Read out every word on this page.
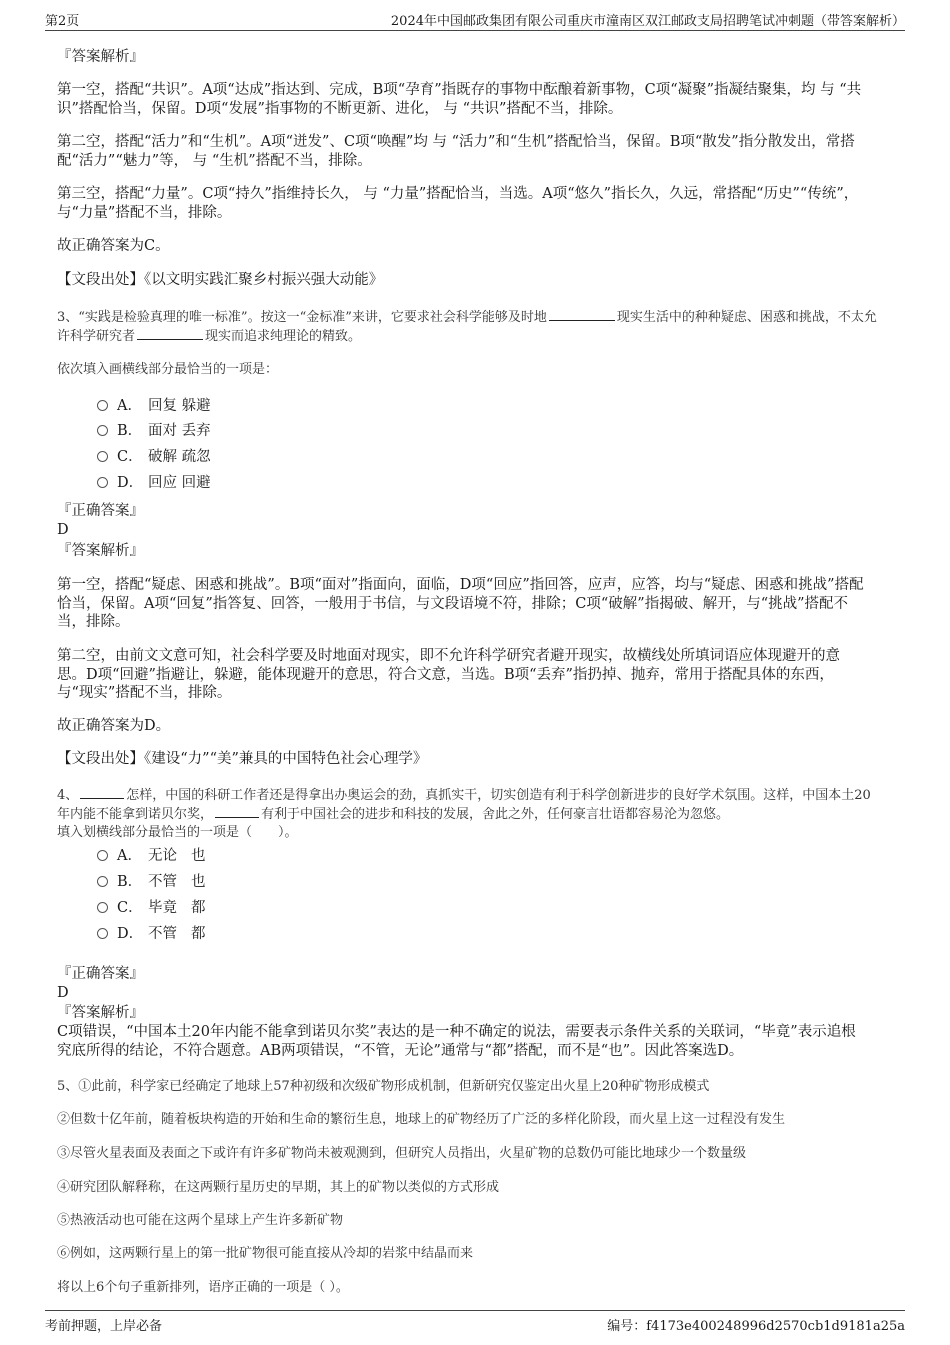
第2页	2024年中国邮政集团有限公司重庆市潼南区双江邮政支局招聘笔试冲刺题（带答案解析）

『答案解析』

第一空，搭配“共识”。A项“达成”指达到、完成，B项“孕育”指既存的事物中酝酿着新事物，C项“凝聚”指凝结聚集，均 与 “共

识”搭配恰当，保留。D项“发展”指事物的不断更新、进化， 与 “共识”搭配不当，排除。

第二空，搭配“活力”和“生机”。A项“迸发”、C项“唤醒”均 与 “活力”和“生机”搭配恰当，保留。B项“散发”指分散发出，常搭

配“活力”“魅力”等， 与 “生机”搭配不当，排除。

第三空，搭配“力量”。C项“持久”指维持长久， 与 “力量”搭配恰当，当选。A项“悠久”指长久，久远，常搭配“历史”“传统”，

与“力量”搭配不当，排除。

故正确答案为C。

【文段出处】《以文明实践汇聚乡村振兴强大动能》

3、“实践是检验真理的唯一标准”。按这一“金标准”来讲，它要求社会科学能够及时地	现实生活中的种种疑虑、困惑和挑战，不太允

许科学研究者	现实而追求纯理论的精致。

依次填入画横线部分最恰当的一项是：

A． 回复 躲避
B． 面对 丢弃
C． 破解 疏忽
D． 回应 回避

『正确答案』

D

『答案解析』

第一空，搭配“疑虑、困惑和挑战”。B项“面对”指面向，面临，D项“回应”指回答，应声，应答，均与“疑虑、困惑和挑战”搭配

恰当，保留。A项“回复”指答复、回答，一般用于书信，与文段语境不符，排除；C项“破解”指揭破、解开，与“挑战”搭配不

当，排除。

第二空，由前文文意可知，社会科学要及时地面对现实，即不允许科学研究者避开现实，故横线处所填词语应体现避开的意

思。D项“回避”指避让，躲避，能体现避开的意思，符合文意，当选。B项“丢弃”指扔掉、抛弃，常用于搭配具体的东西，

与“现实”搭配不当，排除。

故正确答案为D。

【文段出处】《建设“力”“美”兼具的中国特色社会心理学》

4、	怎样，中国的科研工作者还是得拿出办奥运会的劲，真抓实干，切实创造有利于科学创新进步的良好学术氛围。这样，中国本土20

年内能不能拿到诺贝尔奖，	有利于中国社会的进步和科技的发展，舍此之外，任何豪言壮语都容易沦为忽悠。

填入划横线部分最恰当的一项是（　　）。

A． 无论 也
B． 不管 也
C． 毕竟 都
D． 不管 都

『正确答案』

D

『答案解析』

C项错误，“中国本土20年内能不能拿到诺贝尔奖”表达的是一种不确定的说法，需要表示条件关系的关联词，“毕竟”表示追根

究底所得的结论，不符合题意。AB两项错误，“不管，无论”通常与“都”搭配，而不是“也”。因此答案选D。

5、①此前，科学家已经确定了地球上57种初级和次级矿物形成机制，但新研究仅鉴定出火星上20种矿物形成模式

②但数十亿年前，随着板块构造的开始和生命的繁衍生息，地球上的矿物经历了广泛的多样化阶段，而火星上这一过程没有发生

③尽管火星表面及表面之下或许有许多矿物尚未被观测到，但研究人员指出，火星矿物的总数仍可能比地球少一个数量级

④研究团队解释称，在这两颗行星历史的早期，其上的矿物以类似的方式形成

⑤热液活动也可能在这两个星球上产生许多新矿物

⑥例如，这两颗行星上的第一批矿物很可能直接从冷却的岩浆中结晶而来

将以上6个句子重新排列，语序正确的一项是（ ）。

考前押题，上岸必备	编号：f4173e400248996d2570cb1d9181a25a
